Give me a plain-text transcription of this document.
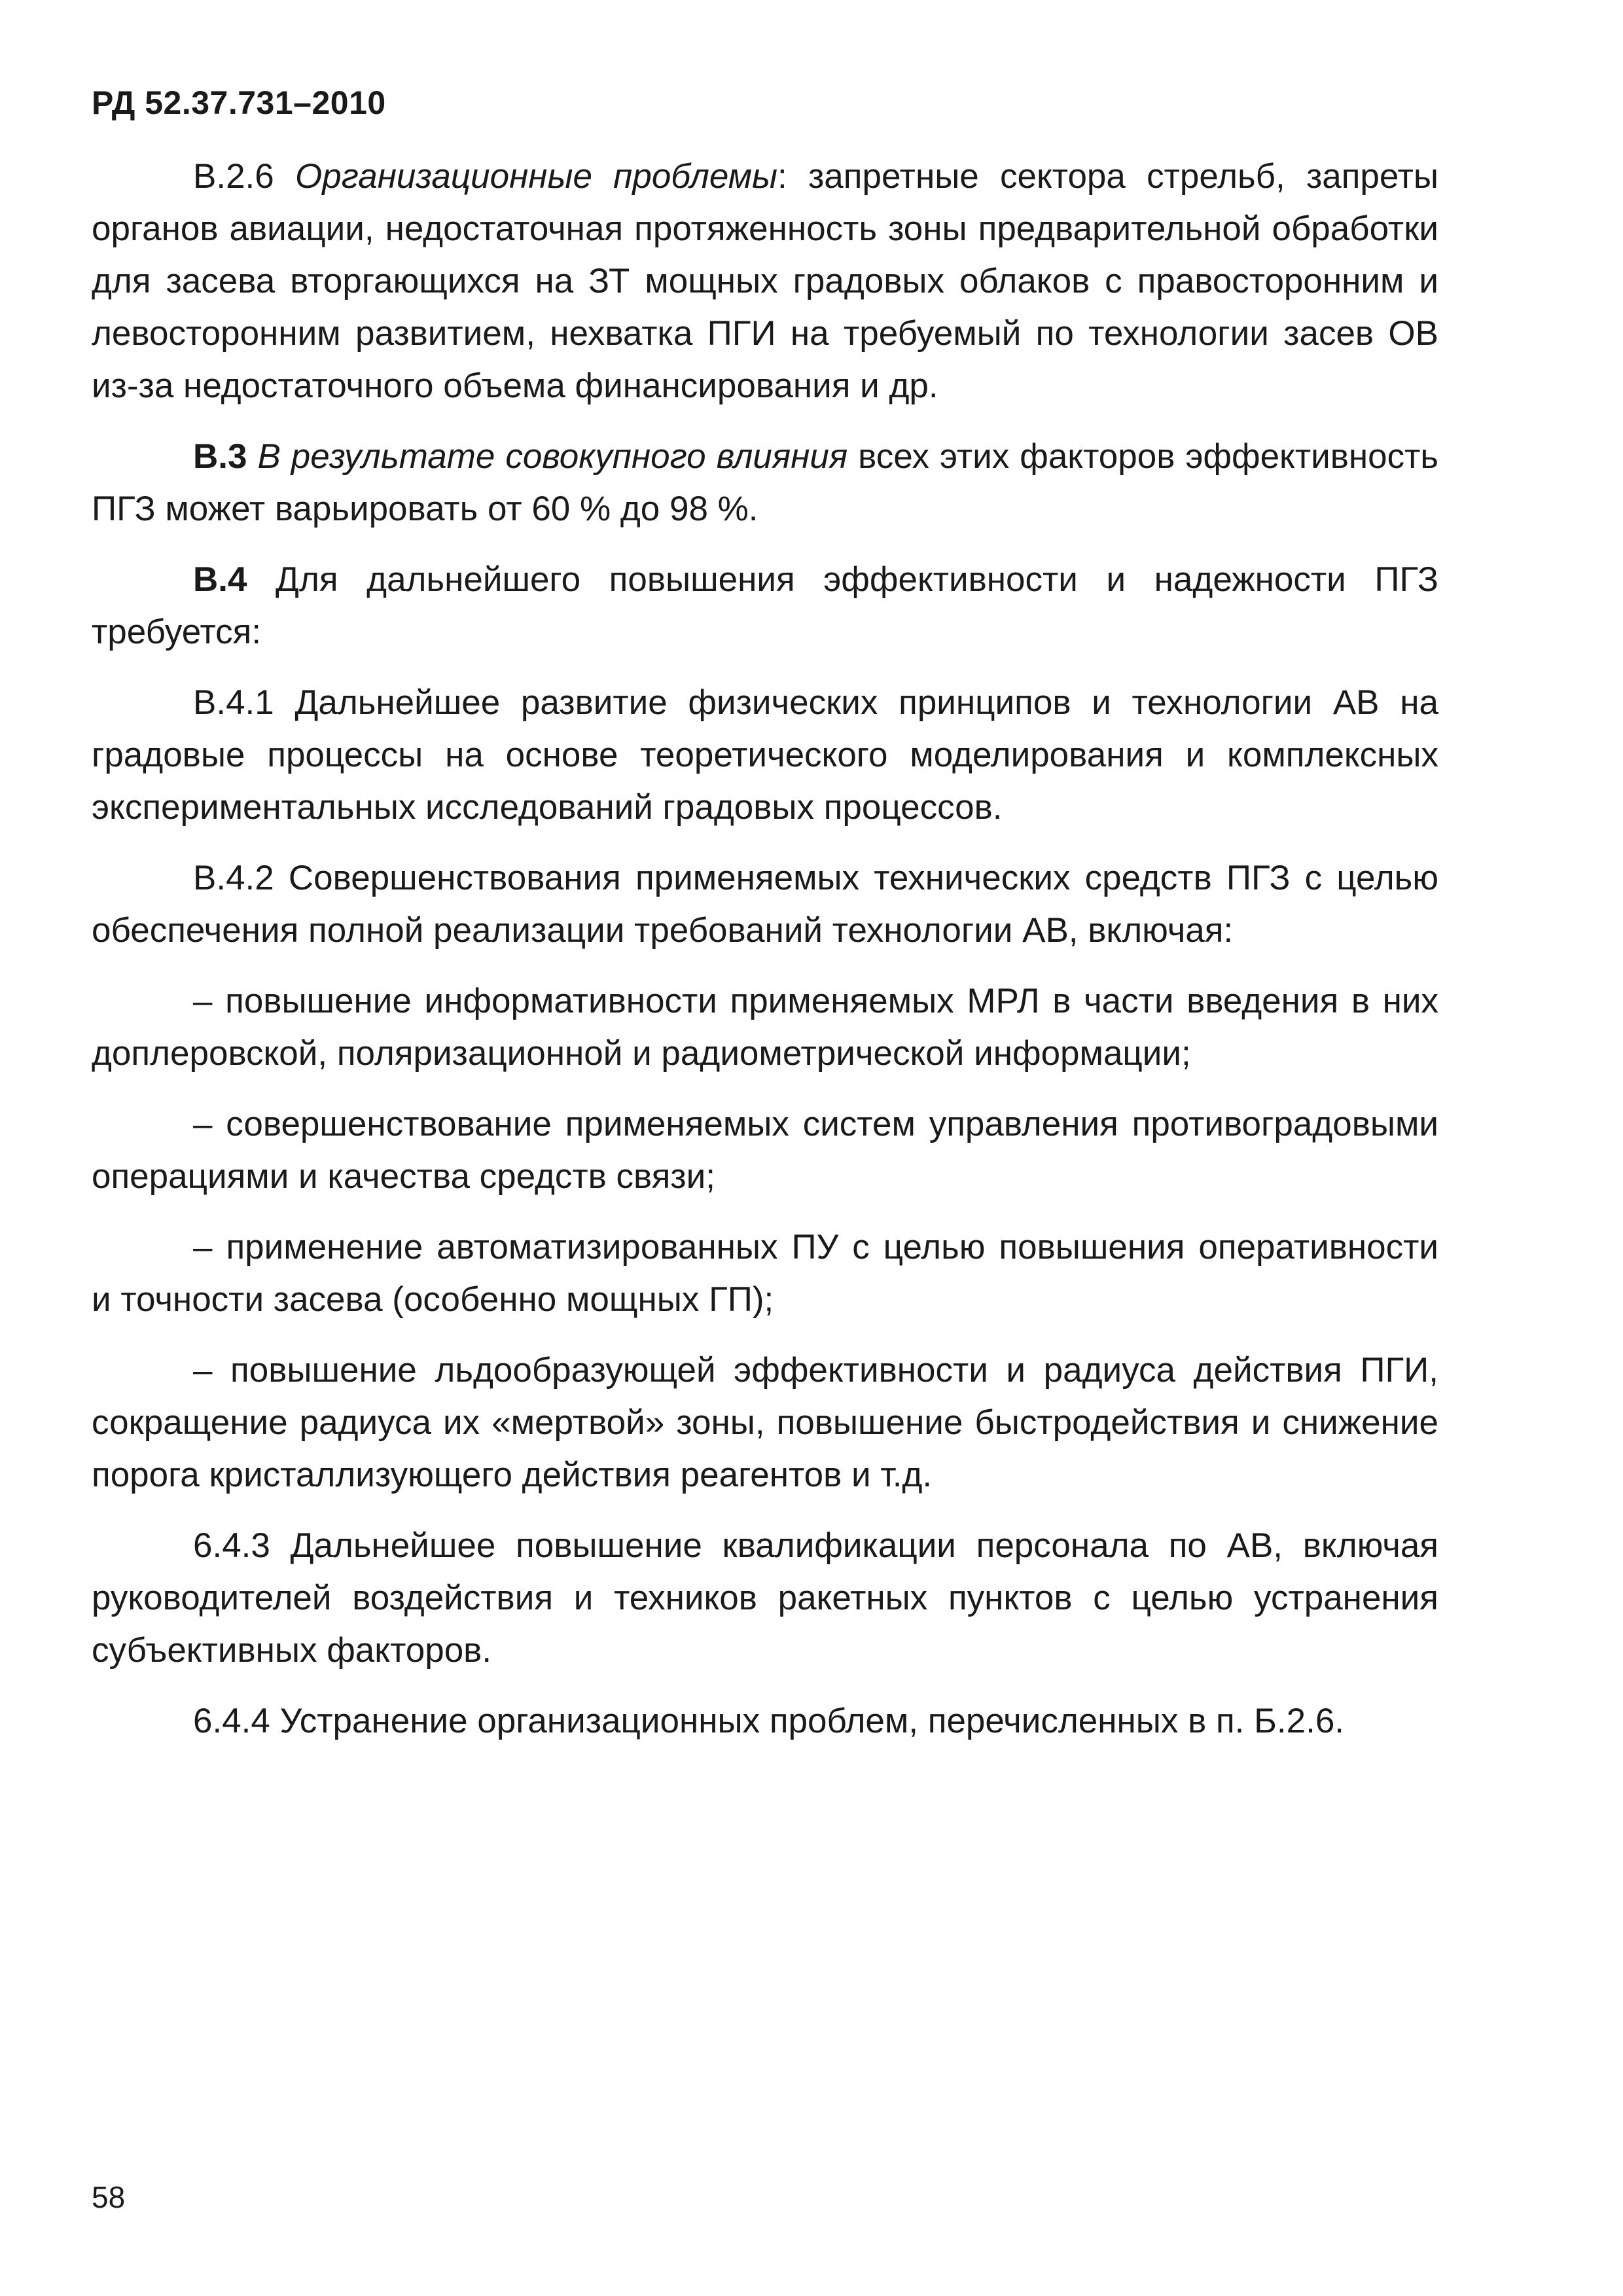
РД 52.37.731–2010

В.2.6 Организационные проблемы: запретные сектора стрельб, запреты органов авиации, недостаточная протяженность зоны предварительной обработки для засева вторгающихся на ЗТ мощных градовых облаков с правосторонним и левосторонним развитием, нехватка ПГИ на требуемый по технологии засев ОВ из-за недостаточного объема финансирования и др.

В.3 В результате совокупного влияния всех этих факторов эффективность ПГЗ может варьировать от 60 % до 98 %.

В.4 Для дальнейшего повышения эффективности и надежности ПГЗ требуется:

В.4.1 Дальнейшее развитие физических принципов и технологии АВ на градовые процессы на основе теоретического моделирования и комплексных экспериментальных исследований градовых процессов.

В.4.2 Совершенствования применяемых технических средств ПГЗ с целью обеспечения полной реализации требований технологии АВ, включая:

– повышение информативности применяемых МРЛ в части введения в них доплеровской, поляризационной и радиометрической информации;

– совершенствование применяемых систем управления противоградовыми операциями и качества средств связи;

– применение автоматизированных ПУ с целью повышения оперативности и точности засева (особенно мощных ГП);

– повышение льдообразующей эффективности и радиуса действия ПГИ, сокращение радиуса их «мертвой» зоны, повышение быстродействия и снижение порога кристаллизующего действия реагентов и т.д.

6.4.3 Дальнейшее повышение квалификации персонала по АВ, включая руководителей воздействия и техников ракетных пунктов с целью устранения субъективных факторов.

6.4.4 Устранение организационных проблем, перечисленных в п. Б.2.6.

58
